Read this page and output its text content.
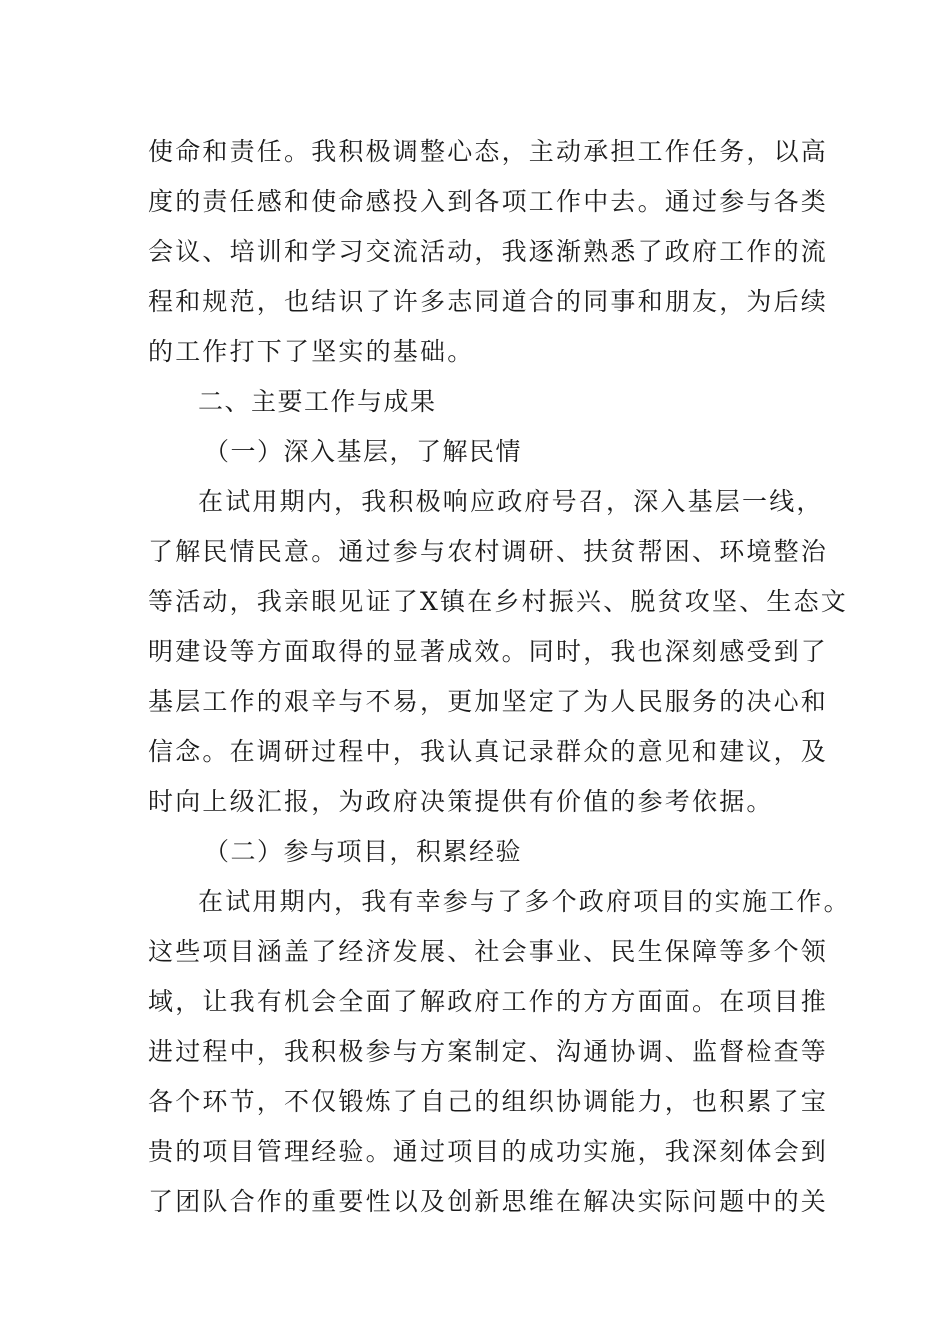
使命和责任。我积极调整心态，主动承担工作任务，以高
度的责任感和使命感投入到各项工作中去。通过参与各类
会议、培训和学习交流活动，我逐渐熟悉了政府工作的流
程和规范，也结识了许多志同道合的同事和朋友，为后续
的工作打下了坚实的基础。
二、主要工作与成果
（一）深入基层，了解民情
在试用期内，我积极响应政府号召，深入基层一线，
了解民情民意。通过参与农村调研、扶贫帮困、环境整治
等活动，我亲眼见证了X镇在乡村振兴、脱贫攻坚、生态文
明建设等方面取得的显著成效。同时，我也深刻感受到了
基层工作的艰辛与不易，更加坚定了为人民服务的决心和
信念。在调研过程中，我认真记录群众的意见和建议，及
时向上级汇报，为政府决策提供有价值的参考依据。
（二）参与项目，积累经验
在试用期内，我有幸参与了多个政府项目的实施工作。
这些项目涵盖了经济发展、社会事业、民生保障等多个领
域，让我有机会全面了解政府工作的方方面面。在项目推
进过程中，我积极参与方案制定、沟通协调、监督检查等
各个环节，不仅锻炼了自己的组织协调能力，也积累了宝
贵的项目管理经验。通过项目的成功实施，我深刻体会到
了团队合作的重要性以及创新思维在解决实际问题中的关
